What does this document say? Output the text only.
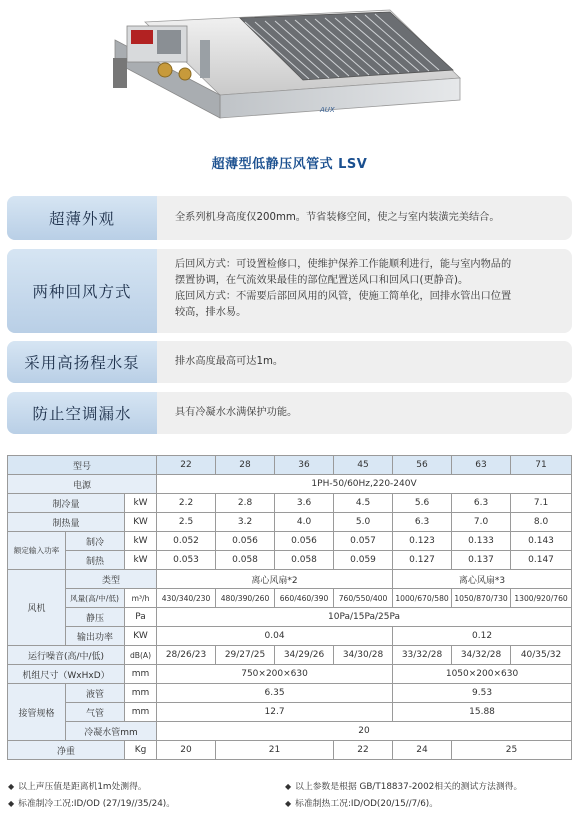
AUX
超薄型低静压风管式 LSV
超薄外观	全系列机身高度仅200mm。节省装修空间，使之与室内装潢完美结合。
两种回风方式
后回风方式：可设置检修口，使维护保养工作能顺利进行，能与室内物品的
摆置协调，在气流效果最佳的部位配置送风口和回风口(更静音)。
底回风方式：不需要后部回风用的风管，使施工简单化，回排水管出口位置
较高，排水易。
采用高扬程水泵	排水高度最高可达1m。
防止空调漏水	具有冷凝水水满保护功能。
型号			22	28	36	45	56	63	71
电源			1PH-50/60Hz,220-240V						
制冷量		kW	2.2	2.8	3.6	4.5	5.6	6.3	7.1
制热量		KW	2.5	3.2	4.0	5.0	6.3	7.0	8.0
额定输入功率	制冷	kW	0.052	0.056	0.056	0.057	0.123	0.133	0.143
	制热	kW	0.053	0.058	0.058	0.059	0.127	0.137	0.147
风机	类型		离心风扇*2				离心风扇*3		
	风量(高/中/低)	m³/h	430/340/230	480/390/260	660/460/390	760/550/400	1000/670/580	1050/870/730	1300/920/760
	静压	Pa	10Pa/15Pa/25Pa						
	输出功率	KW	0.04				0.12		
运行噪音(高/中/低)		dB(A)	28/26/23	29/27/25	34/29/26	34/30/28	33/32/28	34/32/28	40/35/32
机组尺寸（WxHxD）		mm	750×200×630				1050×200×630		
接管规格	液管	mm	6.35				9.53		
	气管	mm	12.7				15.88		
	冷凝水管mm		20						
净重		Kg	20	21		22	24	25	
◆ 以上声压值是距离机1m处测得。	◆ 以上参数是根据 GB/T18837-2002相关的测试方法测得。
◆ 标准制冷工况:ID/OD (27/19//35/24)。	◆ 标准制热工况:ID/OD(20/15//7/6)。
